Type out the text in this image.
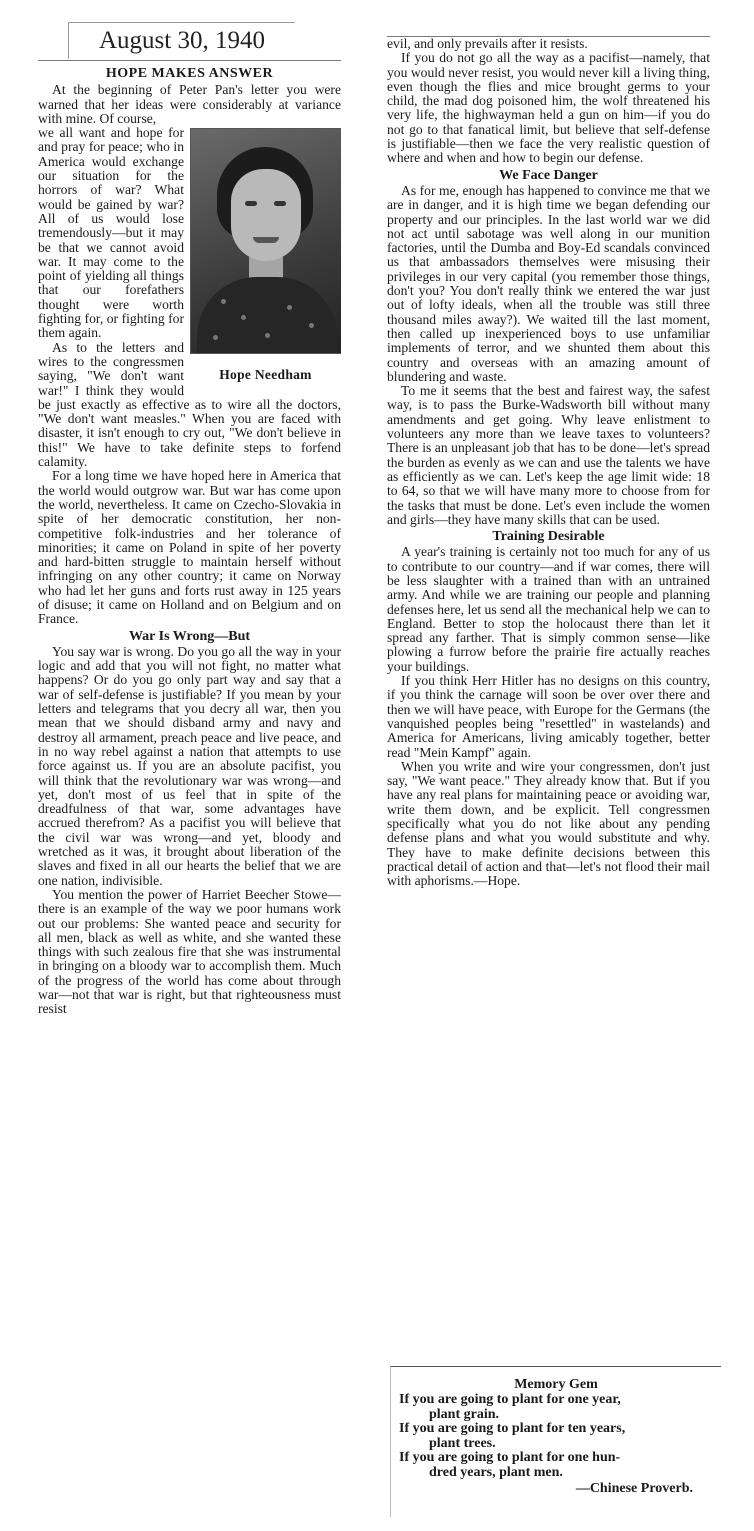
August 30, 1940
HOPE MAKES ANSWER

At the beginning of Peter Pan's letter you were warned that her ideas were considerably at variance with mine. Of course,

Hope Needham

we all want and hope for and pray for peace; who in America would exchange our situation for the horrors of war? What would be gained by war? All of us would lose tremendously—but it may be that we cannot avoid war. It may come to the point of yielding all things that our forefathers thought were worth fighting for, or fighting for them again.

As to the letters and wires to the congressmen saying, "We don't want war!" I think they would be just exactly as effective as to wire all the doctors, "We don't want measles." When you are faced with disaster, it isn't enough to cry out, "We don't believe in this!" We have to take definite steps to forfend calamity.

For a long time we have hoped here in America that the world would outgrow war. But war has come upon the world, nevertheless. It came on Czecho-Slovakia in spite of her democratic constitution, her non-competitive folk-industries and her tolerance of minorities; it came on Poland in spite of her poverty and hard-bitten struggle to maintain herself without infringing on any other country; it came on Norway who had let her guns and forts rust away in 125 years of disuse; it came on Holland and on Belgium and on France.

War Is Wrong—But

You say war is wrong. Do you go all the way in your logic and add that you will not fight, no matter what happens? Or do you go only part way and say that a war of self-defense is justifiable? If you mean by your letters and telegrams that you decry all war, then you mean that we should disband army and navy and destroy all armament, preach peace and live peace, and in no way rebel against a nation that attempts to use force against us. If you are an absolute pacifist, you will think that the revolutionary war was wrong—and yet, don't most of us feel that in spite of the dreadfulness of that war, some advantages have accrued therefrom? As a pacifist you will believe that the civil war was wrong—and yet, bloody and wretched as it was, it brought about liberation of the slaves and fixed in all our hearts the belief that we are one nation, indivisible.

You mention the power of Harriet Beecher Stowe—there is an example of the way we poor humans work out our problems: She wanted peace and security for all men, black as well as white, and she wanted these things with such zealous fire that she was instrumental in bringing on a bloody war to accomplish them. Much of the progress of the world has come about through war—not that war is right, but that righteousness must resist

evil, and only prevails after it resists.

If you do not go all the way as a pacifist—namely, that you would never resist, you would never kill a living thing, even though the flies and mice brought germs to your child, the mad dog poisoned him, the wolf threatened his very life, the highwayman held a gun on him—if you do not go to that fanatical limit, but believe that self-defense is justifiable—then we face the very realistic question of where and when and how to begin our defense.

We Face Danger

As for me, enough has happened to convince me that we are in danger, and it is high time we began defending our property and our principles. In the last world war we did not act until sabotage was well along in our munition factories, until the Dumba and Boy-Ed scandals convinced us that ambassadors themselves were misusing their privileges in our very capital (you remember those things, don't you? You don't really think we entered the war just out of lofty ideals, when all the trouble was still three thousand miles away?). We waited till the last moment, then called up inexperienced boys to use unfamiliar implements of terror, and we shunted them about this country and overseas with an amazing amount of blundering and waste.

To me it seems that the best and fairest way, the safest way, is to pass the Burke-Wadsworth bill without many amendments and get going. Why leave enlistment to volunteers any more than we leave taxes to volunteers? There is an unpleasant job that has to be done—let's spread the burden as evenly as we can and use the talents we have as efficiently as we can. Let's keep the age limit wide: 18 to 64, so that we will have many more to choose from for the tasks that must be done. Let's even include the women and girls—they have many skills that can be used.

Training Desirable

A year's training is certainly not too much for any of us to contribute to our country—and if war comes, there will be less slaughter with a trained than with an untrained army. And while we are training our people and planning defenses here, let us send all the mechanical help we can to England. Better to stop the holocaust there than let it spread any farther. That is simply common sense—like plowing a furrow before the prairie fire actually reaches your buildings.

If you think Herr Hitler has no designs on this country, if you think the carnage will soon be over over there and then we will have peace, with Europe for the Germans (the vanquished peoples being "resettled" in wastelands) and America for Americans, living amicably together, better read "Mein Kampf" again.

When you write and wire your congressmen, don't just say, "We want peace." They already know that. But if you have any real plans for maintaining peace or avoiding war, write them down, and be explicit. Tell congressmen specifically what you do not like about any pending defense plans and what you would substitute and why. They have to make definite decisions between this practical detail of action and that—let's not flood their mail with aphorisms.—Hope.

Memory Gem
If you are going to plant for one year,
plant grain.
If you are going to plant for ten years,
plant trees.
If you are going to plant for one hun-
dred years, plant men.
—Chinese Proverb.
